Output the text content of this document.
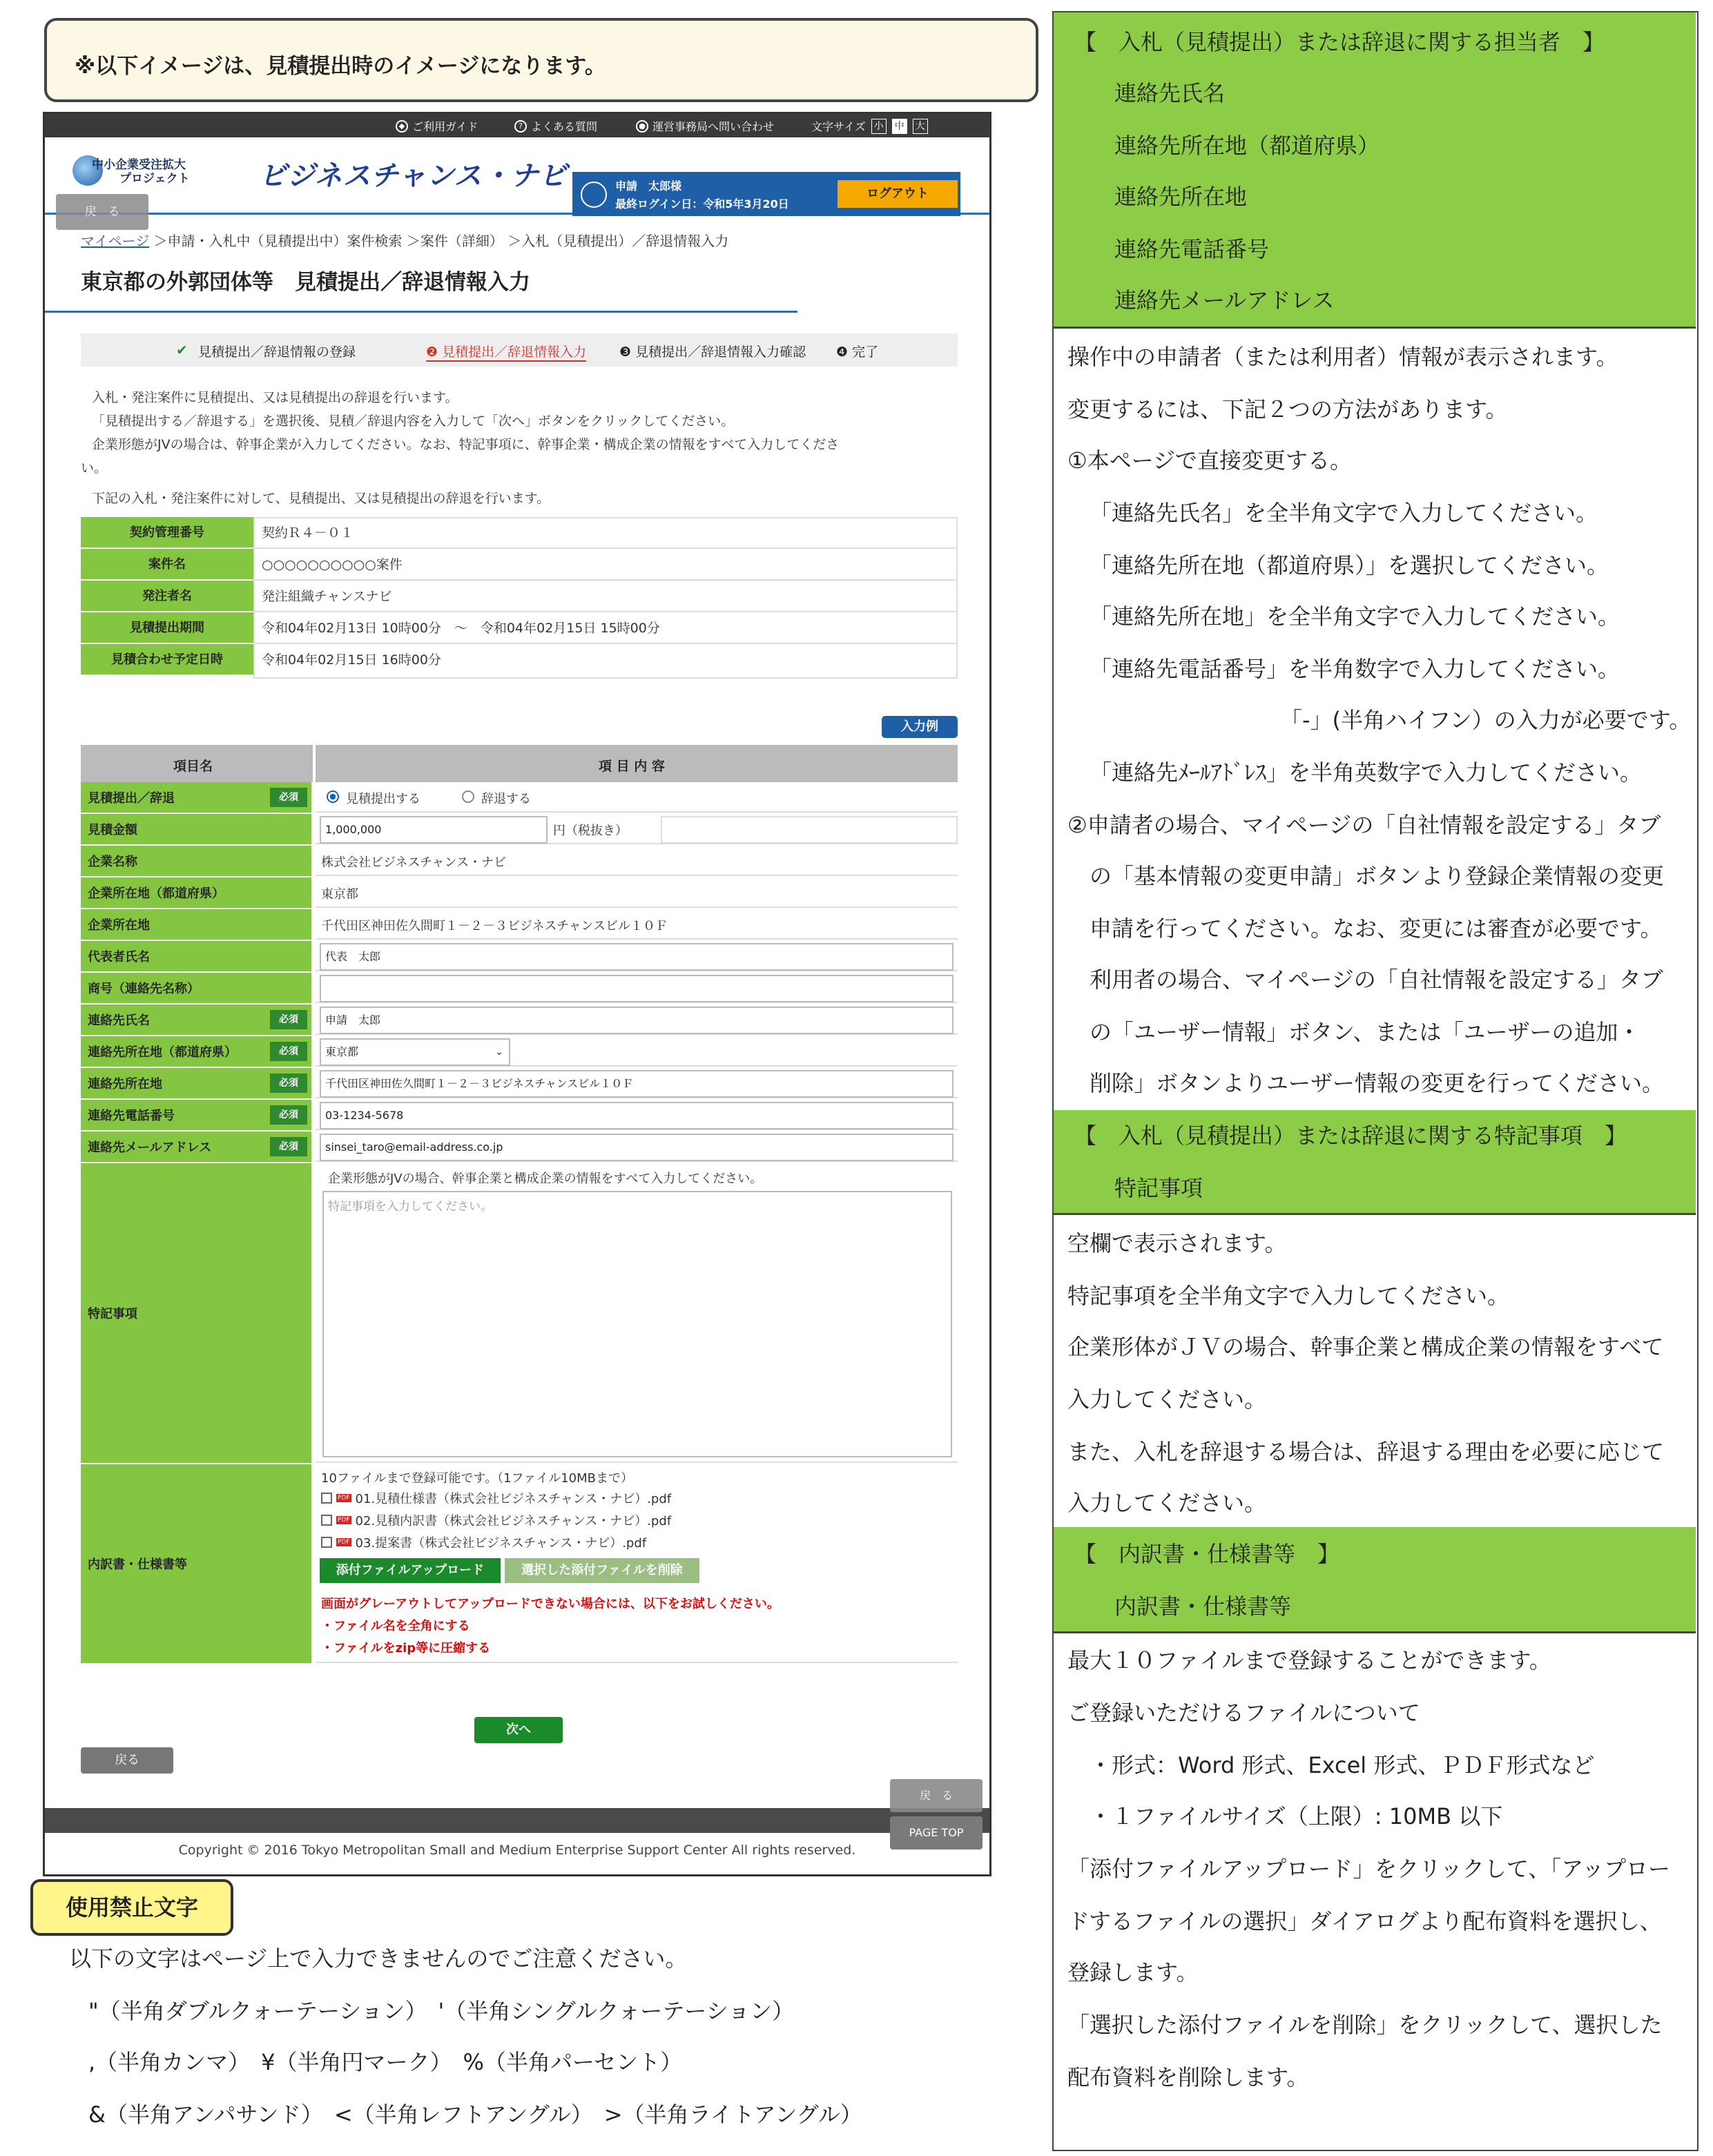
※以下イメージは、見積提出時のイメージになります。
◆ ご利用ガイド	? よくある質問	● 運営事務局へ問い合わせ	文字サイズ 小 中 大
中小企業受注拡大
プロジェクト	ビジネスチャンス・ナビ
戻　る
申請　太郎様
最終ログイン日：令和5年3月20日
ログアウト
マイページ ＞申請・入札中（見積提出中）案件検索 ＞案件（詳細） ＞入札（見積提出）／辞退情報入力
東京都の外郭団体等　見積提出／辞退情報入力
✔ 見積提出／辞退情報の登録	❷ 見積提出／辞退情報入力	❸ 見積提出／辞退情報入力確認 ❹ 完了
入札・発注案件に見積提出、又は見積提出の辞退を行います。
「見積提出する／辞退する」を選択後、見積／辞退内容を入力して「次へ」ボタンをクリックしてください。
企業形態がJVの場合は、幹事企業が入力してください。なお、特記事項に、幹事企業・構成企業の情報をすべて入力してくださ
い。
下記の入札・発注案件に対して、見積提出、又は見積提出の辞退を行います。
契約管理番号	契約Ｒ４－０１
案件名	○○○○○○○○○○案件
発注者名	発注組織チャンスナビ
見積提出期間	令和04年02月13日 10時00分　～　令和04年02月15日 15時00分
見積合わせ予定日時	令和04年02月15日 16時00分
入力例
項目名	項 目 内 容
見積提出／辞退	必須	見積提出する	辞退する
見積金額	1,000,000	円（税抜き）
企業名称	株式会社ビジネスチャンス・ナビ
企業所在地（都道府県）	東京都
企業所在地	千代田区神田佐久間町１－２－３ビジネスチャンスビル１０Ｆ
代表者氏名	代表　太郎
商号（連絡先名称）
連絡先氏名	必須	申請　太郎
連絡先所在地（都道府県）	必須	東京都	⌄
連絡先所在地	必須	千代田区神田佐久間町１－２－３ビジネスチャンスビル１０Ｆ
連絡先電話番号	必須	03-1234-5678
連絡先メールアドレス	必須	sinsei_taro@email-address.co.jp
特記事項
企業形態がJVの場合、幹事企業と構成企業の情報をすべて入力してください。
特記事項を入力してください。
内訳書・仕様書等
10ファイルまで登録可能です。（1ファイル10MBまで）
PDF 01.見積仕様書（株式会社ビジネスチャンス・ナビ）.pdf
PDF 02.見積内訳書（株式会社ビジネスチャンス・ナビ）.pdf
PDF 03.提案書（株式会社ビジネスチャンス・ナビ）.pdf
添付ファイルアップロード	選択した添付ファイルを削除
画面がグレーアウトしてアップロードできない場合には、以下をお試しください。
・ファイル名を全角にする
・ファイルをzip等に圧縮する
次へ
戻る
戻　る
PAGE TOP
Copyright © 2016 Tokyo Metropolitan Small and Medium Enterprise Support Center All rights reserved.
使用禁止文字
以下の文字はページ上で入力できませんのでご注意ください。
"（半角ダブルクォーテーション）　'（半角シングルクォーテーション）
,（半角カンマ）　¥（半角円マーク）　%（半角パーセント）
&（半角アンパサンド）　<（半角レフトアングル）　>（半角ライトアングル）
【　入札（見積提出）または辞退に関する担当者　】
連絡先氏名
連絡先所在地（都道府県）
連絡先所在地
連絡先電話番号
連絡先メールアドレス
操作中の申請者（または利用者）情報が表示されます。
変更するには、下記２つの方法があります。
①本ページで直接変更する。
「連絡先氏名」を全半角文字で入力してください。
「連絡先所在地（都道府県）」を選択してください。
「連絡先所在地」を全半角文字で入力してください。
「連絡先電話番号」を半角数字で入力してください。
「-」(半角ハイフン）の入力が必要です。
「連絡先ﾒｰﾙｱﾄﾞﾚｽ」を半角英数字で入力してください。
②申請者の場合、マイページの「自社情報を設定する」タブ
の「基本情報の変更申請」ボタンより登録企業情報の変更
申請を行ってください。なお、変更には審査が必要です。
利用者の場合、マイページの「自社情報を設定する」タブ
の「ユーザー情報」ボタン、または「ユーザーの追加・
削除」ボタンよりユーザー情報の変更を行ってください。
【　入札（見積提出）または辞退に関する特記事項　】
特記事項
空欄で表示されます。
特記事項を全半角文字で入力してください。
企業形体がＪＶの場合、幹事企業と構成企業の情報をすべて
入力してください。
また、入札を辞退する場合は、辞退する理由を必要に応じて
入力してください。
【　内訳書・仕様書等　】
内訳書・仕様書等
最大１０ファイルまで登録することができます。
ご登録いただけるファイルについて
・形式：Word 形式、Excel 形式、ＰＤＦ形式など
・１ファイルサイズ（上限）: 10MB 以下
「添付ファイルアップロード」をクリックして、「アップロー
ドするファイルの選択」ダイアログより配布資料を選択し、
登録します。
「選択した添付ファイルを削除」をクリックして、選択した
配布資料を削除します。
